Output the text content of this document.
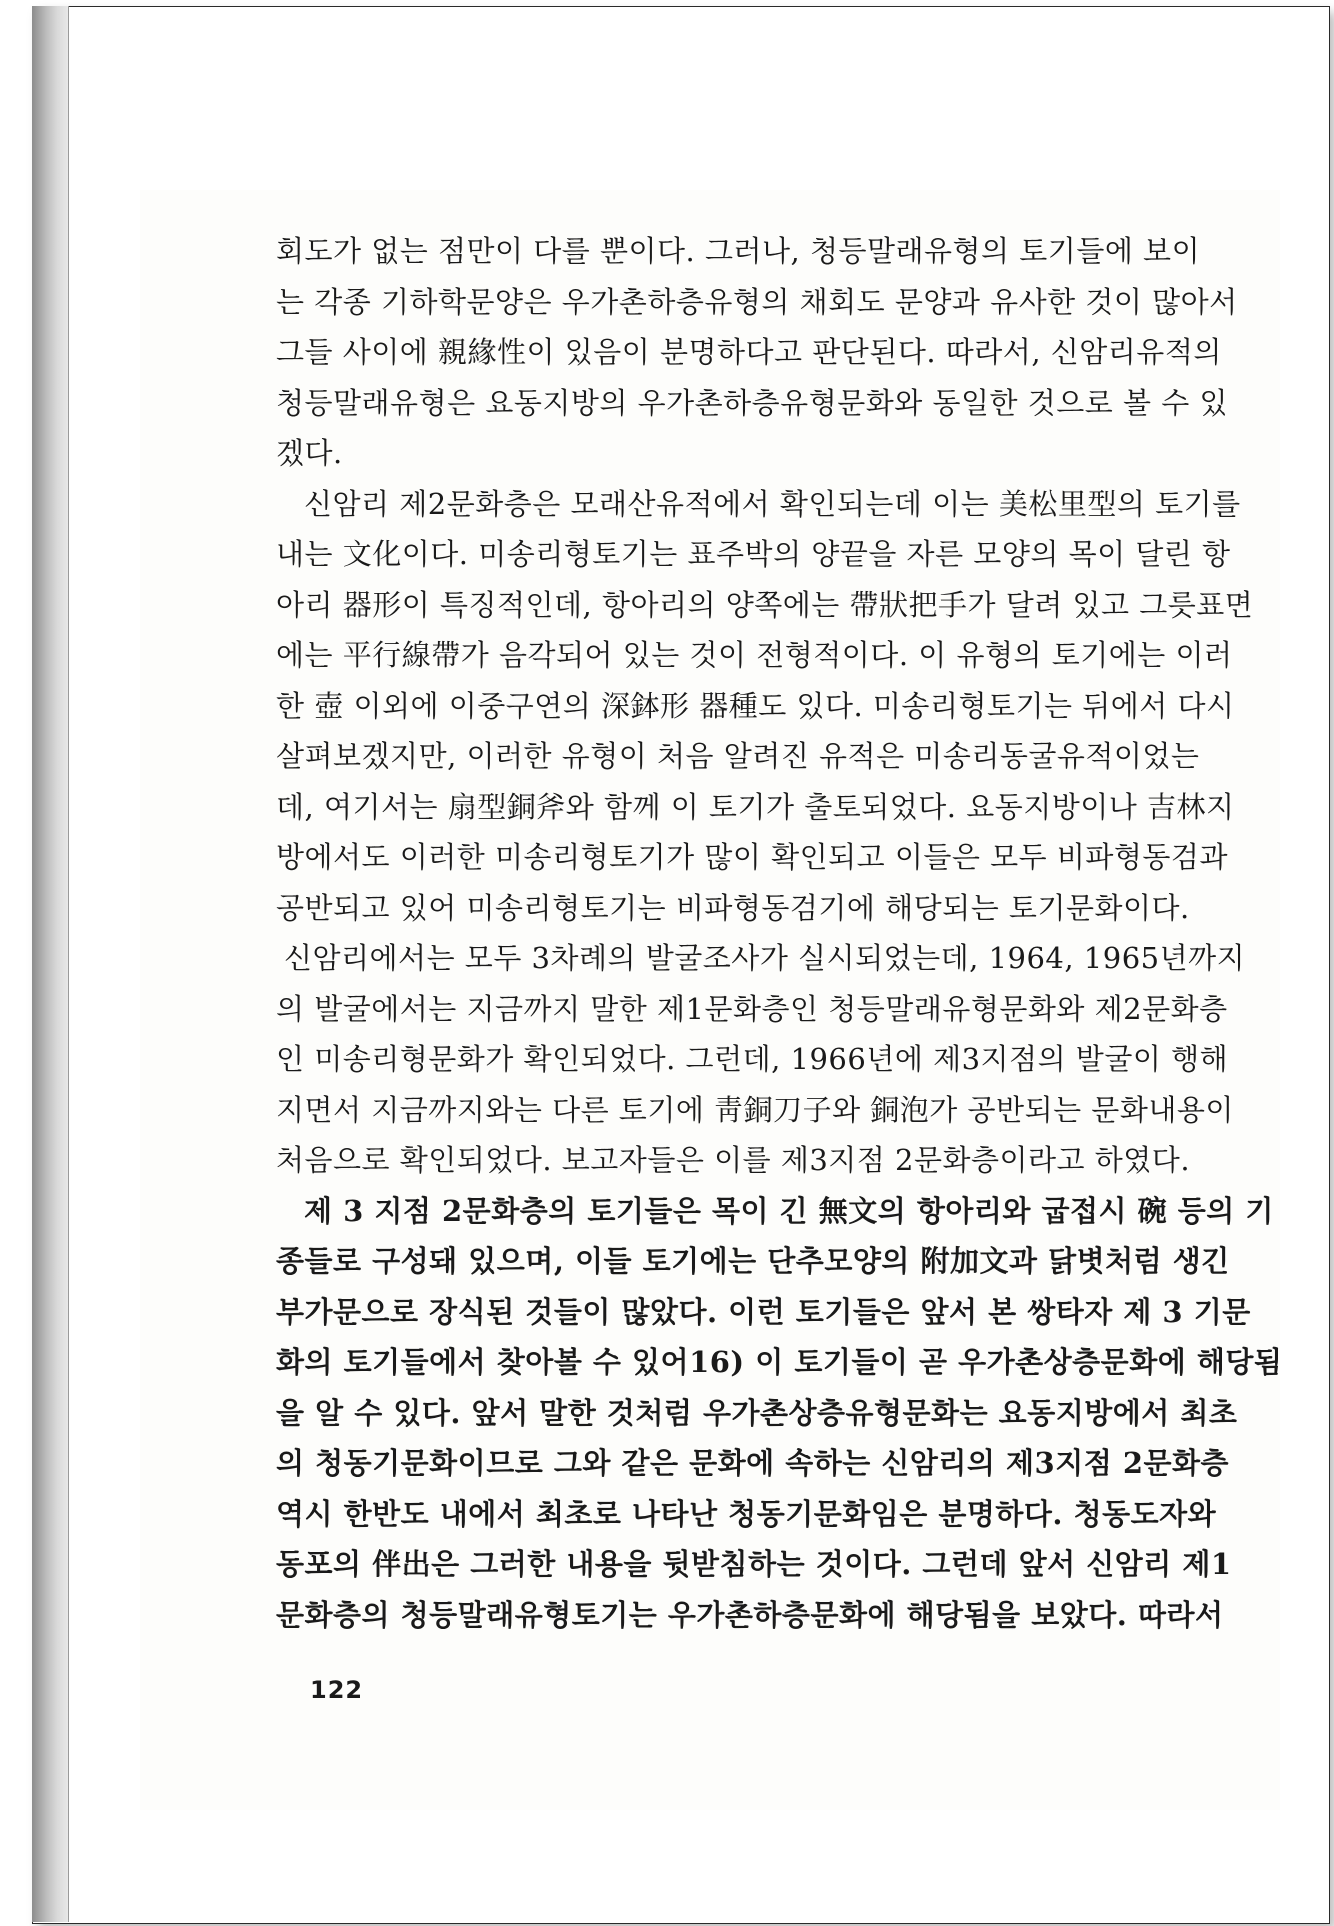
회도가 없는 점만이 다를 뿐이다. 그러나, 청등말래유형의 토기들에 보이
는 각종 기하학문양은 우가촌하층유형의 채회도 문양과 유사한 것이 많아서
그들 사이에 親緣性이 있음이 분명하다고 판단된다. 따라서, 신암리유적의
청등말래유형은 요동지방의 우가촌하층유형문화와 동일한 것으로 볼 수 있
겠다.
신암리 제2문화층은 모래산유적에서 확인되는데 이는 美松里型의 토기를
내는 文化이다. 미송리형토기는 표주박의 양끝을 자른 모양의 목이 달린 항
아리 器形이 특징적인데, 항아리의 양쪽에는 帶狀把手가 달려 있고 그릇표면
에는 平行線帶가 음각되어 있는 것이 전형적이다. 이 유형의 토기에는 이러
한 壺 이외에 이중구연의 深鉢形 器種도 있다. 미송리형토기는 뒤에서 다시
살펴보겠지만, 이러한 유형이 처음 알려진 유적은 미송리동굴유적이었는
데, 여기서는 扇型銅斧와 함께 이 토기가 출토되었다. 요동지방이나 吉林지
방에서도 이러한 미송리형토기가 많이 확인되고 이들은 모두 비파형동검과
공반되고 있어 미송리형토기는 비파형동검기에 해당되는 토기문화이다.
신암리에서는 모두 3차례의 발굴조사가 실시되었는데, 1964, 1965년까지
의 발굴에서는 지금까지 말한 제1문화층인 청등말래유형문화와 제2문화층
인 미송리형문화가 확인되었다. 그런데, 1966년에 제3지점의 발굴이 행해
지면서 지금까지와는 다른 토기에 靑銅刀子와 銅泡가 공반되는 문화내용이
처음으로 확인되었다. 보고자들은 이를 제3지점 2문화층이라고 하였다.
제 3 지점 2문화층의 토기들은 목이 긴 無文의 항아리와 굽접시 碗 등의 기
종들로 구성돼 있으며, 이들 토기에는 단추모양의 附加文과 닭볏처럼 생긴
부가문으로 장식된 것들이 많았다. 이런 토기들은 앞서 본 쌍타자 제 3 기문
화의 토기들에서 찾아볼 수 있어16) 이 토기들이 곧 우가촌상층문화에 해당됨
을 알 수 있다. 앞서 말한 것처럼 우가촌상층유형문화는 요동지방에서 최초
의 청동기문화이므로 그와 같은 문화에 속하는 신암리의 제3지점 2문화층
역시 한반도 내에서 최초로 나타난 청동기문화임은 분명하다. 청동도자와
동포의 伴出은 그러한 내용을 뒷받침하는 것이다. 그런데 앞서 신암리 제1
문화층의 청등말래유형토기는 우가촌하층문화에 해당됨을 보았다. 따라서
122
